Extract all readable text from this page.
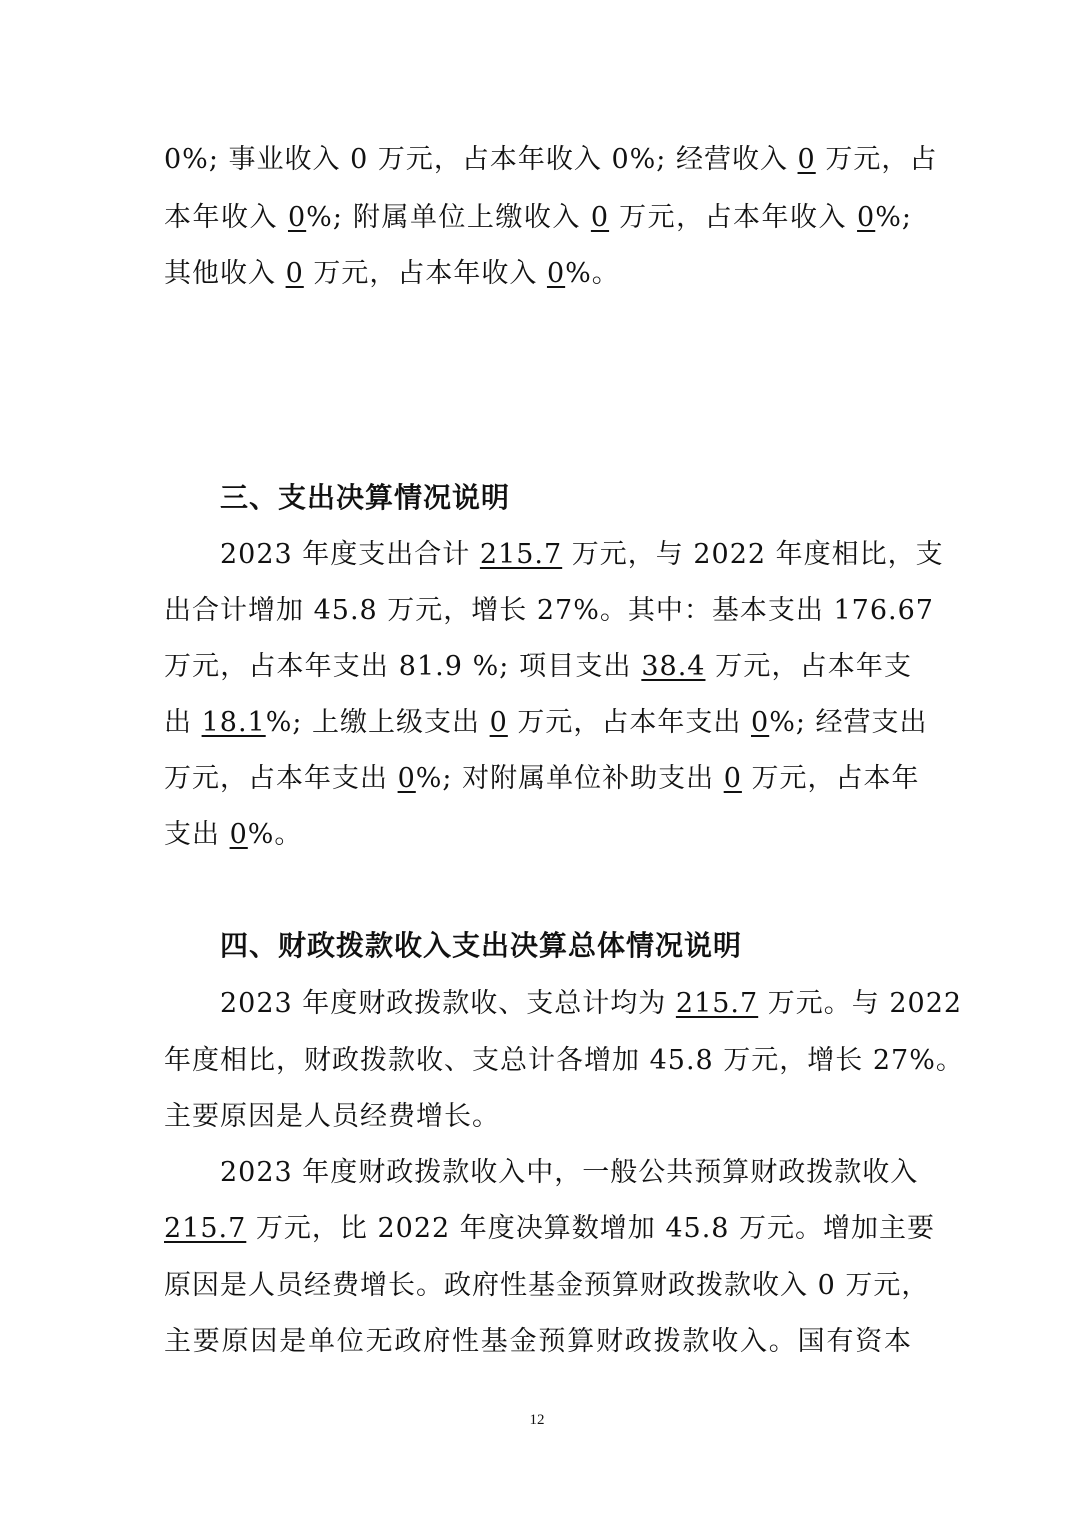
0%; 事业收入 0 万元，占本年收入 0%; 经营收入 0 万元，占
本年收入 0%; 附属单位上缴收入 0 万元，占本年收入 0%;
其他收入 0 万元，占本年收入 0%。
三、支出决算情况说明
2023 年度支出合计 215.7 万元，与 2022 年度相比，支
出合计增加 45.8 万元，增长 27%。其中：基本支出 176.67
万元，占本年支出 81.9 %; 项目支出 38.4 万元，占本年支
出 18.1%; 上缴上级支出 0 万元，占本年支出 0%; 经营支出
万元，占本年支出 0%; 对附属单位补助支出 0 万元，占本年
支出 0%。
四、财政拨款收入支出决算总体情况说明
2023 年度财政拨款收、支总计均为 215.7 万元。与 2022
年度相比，财政拨款收、支总计各增加 45.8 万元，增长 27%。
主要原因是人员经费增长。
2023 年度财政拨款收入中，一般公共预算财政拨款收入
215.7 万元，比 2022 年度决算数增加 45.8 万元。增加主要
原因是人员经费增长。政府性基金预算财政拨款收入 0 万元，
主要原因是单位无政府性基金预算财政拨款收入。国有资本
12
